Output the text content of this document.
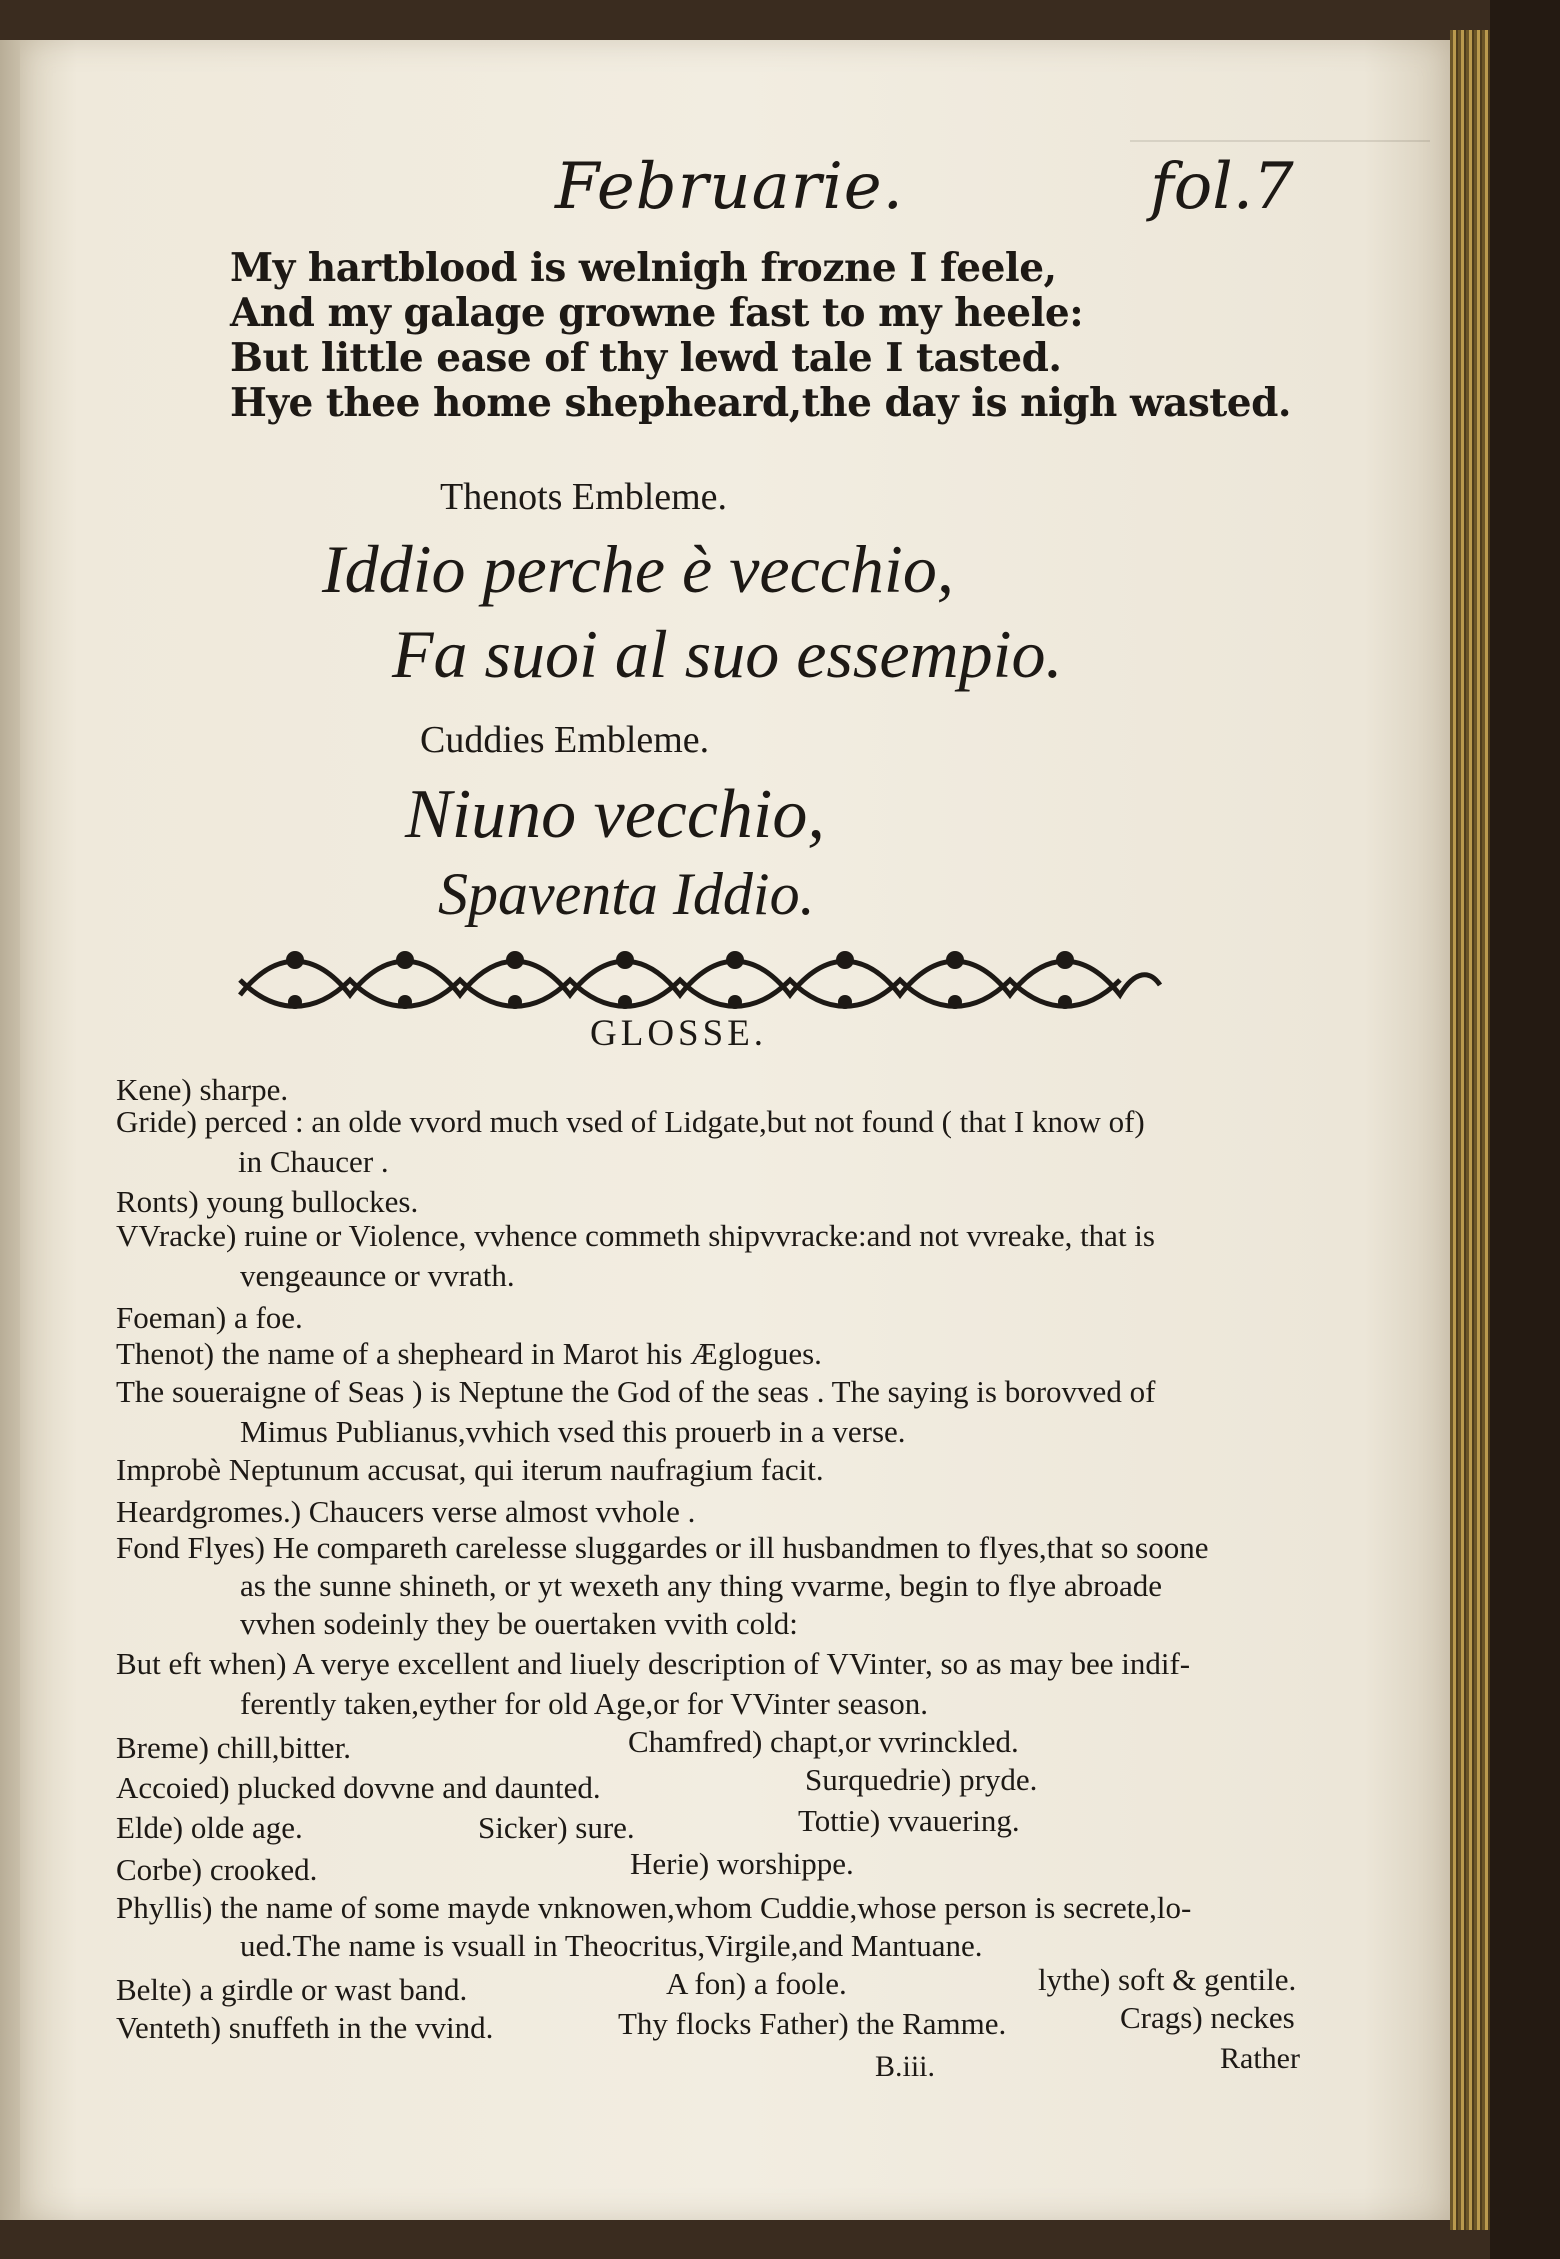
Februarie.	fol.7
My hartblood is welnigh frozne I feele,
And my galage growne fast to my heele:
But little ease of thy lewd tale I tasted.
Hye thee home shepheard,the day is nigh wasted.
Thenots Embleme.
Iddio perche è vecchio,
Fa suoi al suo essempio.
Cuddies Embleme.
Niuno vecchio,
Spaventa Iddio.
GLOSSE.
Kene) sharpe.
Gride) perced : an olde vvord much vsed of Lidgate,but not found ( that I know of)
in Chaucer .
Ronts) young bullockes.
VVracke) ruine or Violence, vvhence commeth shipvvracke:and not vvreake, that is
vengeaunce or vvrath.
Foeman) a foe.
Thenot) the name of a shepheard in Marot his Æglogues.
The soueraigne of Seas ) is Neptune the God of the seas . The saying is borovved of
Mimus Publianus,vvhich vsed this prouerb in a verse.
Improbè Neptunum accusat, qui iterum naufragium facit.
Heardgromes.) Chaucers verse almost vvhole .
Fond Flyes) He compareth carelesse sluggardes or ill husbandmen to flyes,that so soone
as the sunne shineth, or yt wexeth any thing vvarme, begin to flye abroade
vvhen sodeinly they be ouertaken vvith cold:
But eft when) A verye excellent and liuely description of VVinter, so as may bee indif-
ferently taken,eyther for old Age,or for VVinter season.
Breme) chill,bitter.	Chamfred) chapt,or vvrinckled.
Accoied) plucked dovvne and daunted.	Surquedrie) pryde.
Elde) olde age.	Sicker) sure.	Tottie) vvauering.
Corbe) crooked.	Herie) worshippe.
Phyllis) the name of some mayde vnknowen,whom Cuddie,whose person is secrete,lo-
ued.The name is vsuall in Theocritus,Virgile,and Mantuane.
Belte) a girdle or wast band.	A fon) a foole.	lythe) soft & gentile.
Venteth) snuffeth in the vvind.	Thy flocks Father) the Ramme.	Crags) neckes
B.iii.	Rather
